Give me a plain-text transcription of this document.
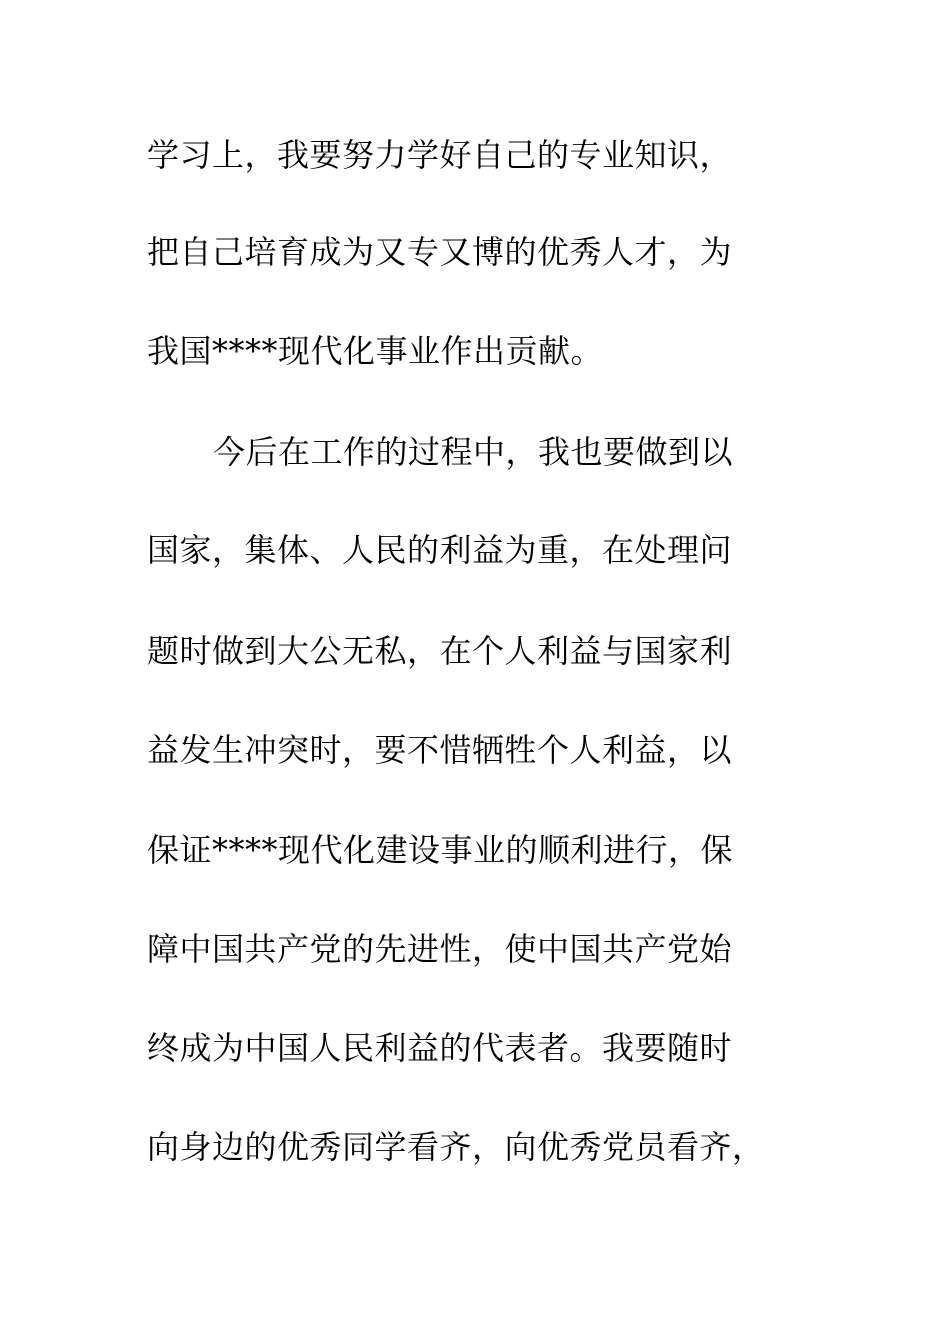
学习上，我要努力学好自己的专业知识，

把自己培育成为又专又博的优秀人才，为

我国****现代化事业作出贡献。

今后在工作的过程中，我也要做到以

国家，集体、人民的利益为重，在处理问

题时做到大公无私，在个人利益与国家利

益发生冲突时，要不惜牺牲个人利益，以

保证****现代化建设事业的顺利进行，保

障中国共产党的先进性，使中国共产党始

终成为中国人民利益的代表者。我要随时

向身边的优秀同学看齐，向优秀党员看齐，
